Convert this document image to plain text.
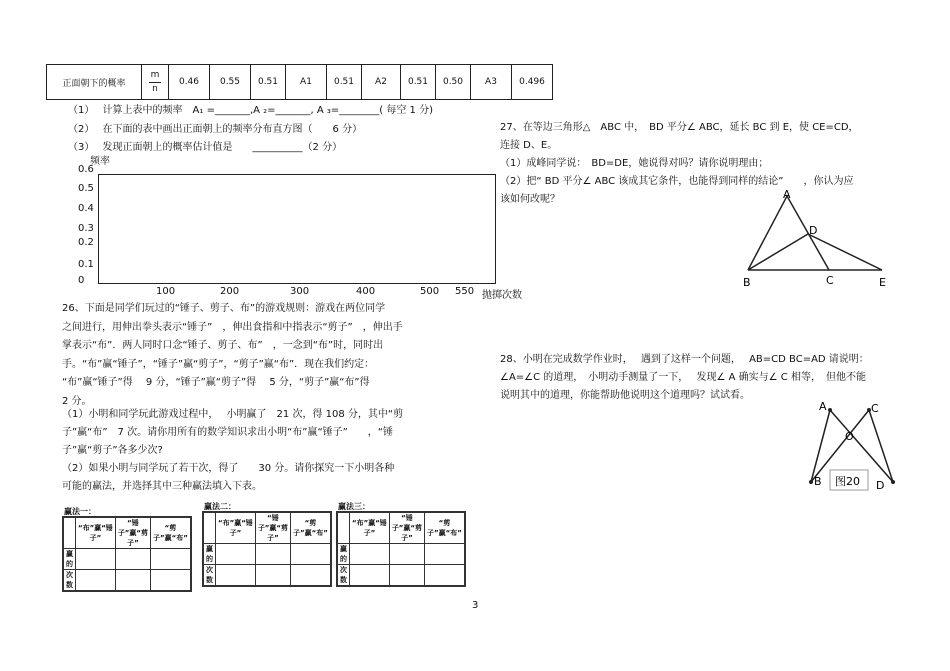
正面朝下的概率	$\frac{m}{n}$	0.46	0.55	0.51	A1	0.51	A2	0.51	0.50	A3	0.496
（1）　 计算上表中的频率　A₁ =_______,A ₂=_______, A ₃=________( 每空 1 分)
（2）　 在下面的表中画出正面朝上的频率分布直方图（　　6 分）
（3）　 发现正面朝上的概率估计值是　　__________（2 分）
频率
0.6
0.5
0.4
0.3
0.2
0.1
0
100	200	300	400	500 550 抛掷次数
26、下面是同学们玩过的“锤子、剪子、布”的游戏规则：游戏在两位同学
之间进行，用伸出拳头表示“锤子”　，伸出食指和中指表示“剪子”　，伸出手
掌表示“布”．两人同时口念“锤子、剪子、布”　，一念到“布”时，同时出
手。“布”赢“锤子”，“锤子”赢“剪子”，“剪子”赢“布”．现在我们约定：
“布”赢“锤子”得　 9 分，“锤子”赢“剪子”得　 5 分，“剪子”赢“布”得
2 分。
（1）小明和同学玩此游戏过程中，　 小明赢了　21 次，得 108 分，其中“剪
子”赢“布”　7 次。请你用所有的数学知识求出小明“布”赢“锤子”　　，“锤
子”赢“剪子”各多少次?
（2）如果小明与同学玩了若干次，得了　　30 分。请你探究一下小明各种
可能的赢法，并选择其中三种赢法填入下表。
赢法一：
	“布”赢“锤子”	“锤子”赢“剪子”	“剪子”赢“布”
赢的			
次数			
赢法二：
	“布”赢“锤子”	“锤子”赢“剪子”	“剪子”赢“布”
赢的			
次数			
赢法三：
	“布”赢“锤子”	“锤子”赢“剪子”	“剪子”赢“布”
赢的			
次数			
27、在等边三角形△　ABC 中，　BD 平分∠ ABC，延长 BC 到 E，使 CE=CD，
连接 D、E。
（1）成峰同学说：　BD=DE，她说得对吗？请你说明理由；
（2）把“ BD 平分∠ ABC 该成其它条件，也能得到同样的结论”　　，你认为应
该如何改呢？	A
B	C
D
E
28、小明在完成数学作业时，　 遇到了这样一个问题，　 AB=CD BC=AD 请说明：
∠A=∠C 的道理，　小明动手测量了一下，　 发现∠ A 确实与∠ C 相等，　但他不能
说明其中的道理，你能帮助他说明这个道理吗？试试看。
A	C
O
B	D
图20
3
